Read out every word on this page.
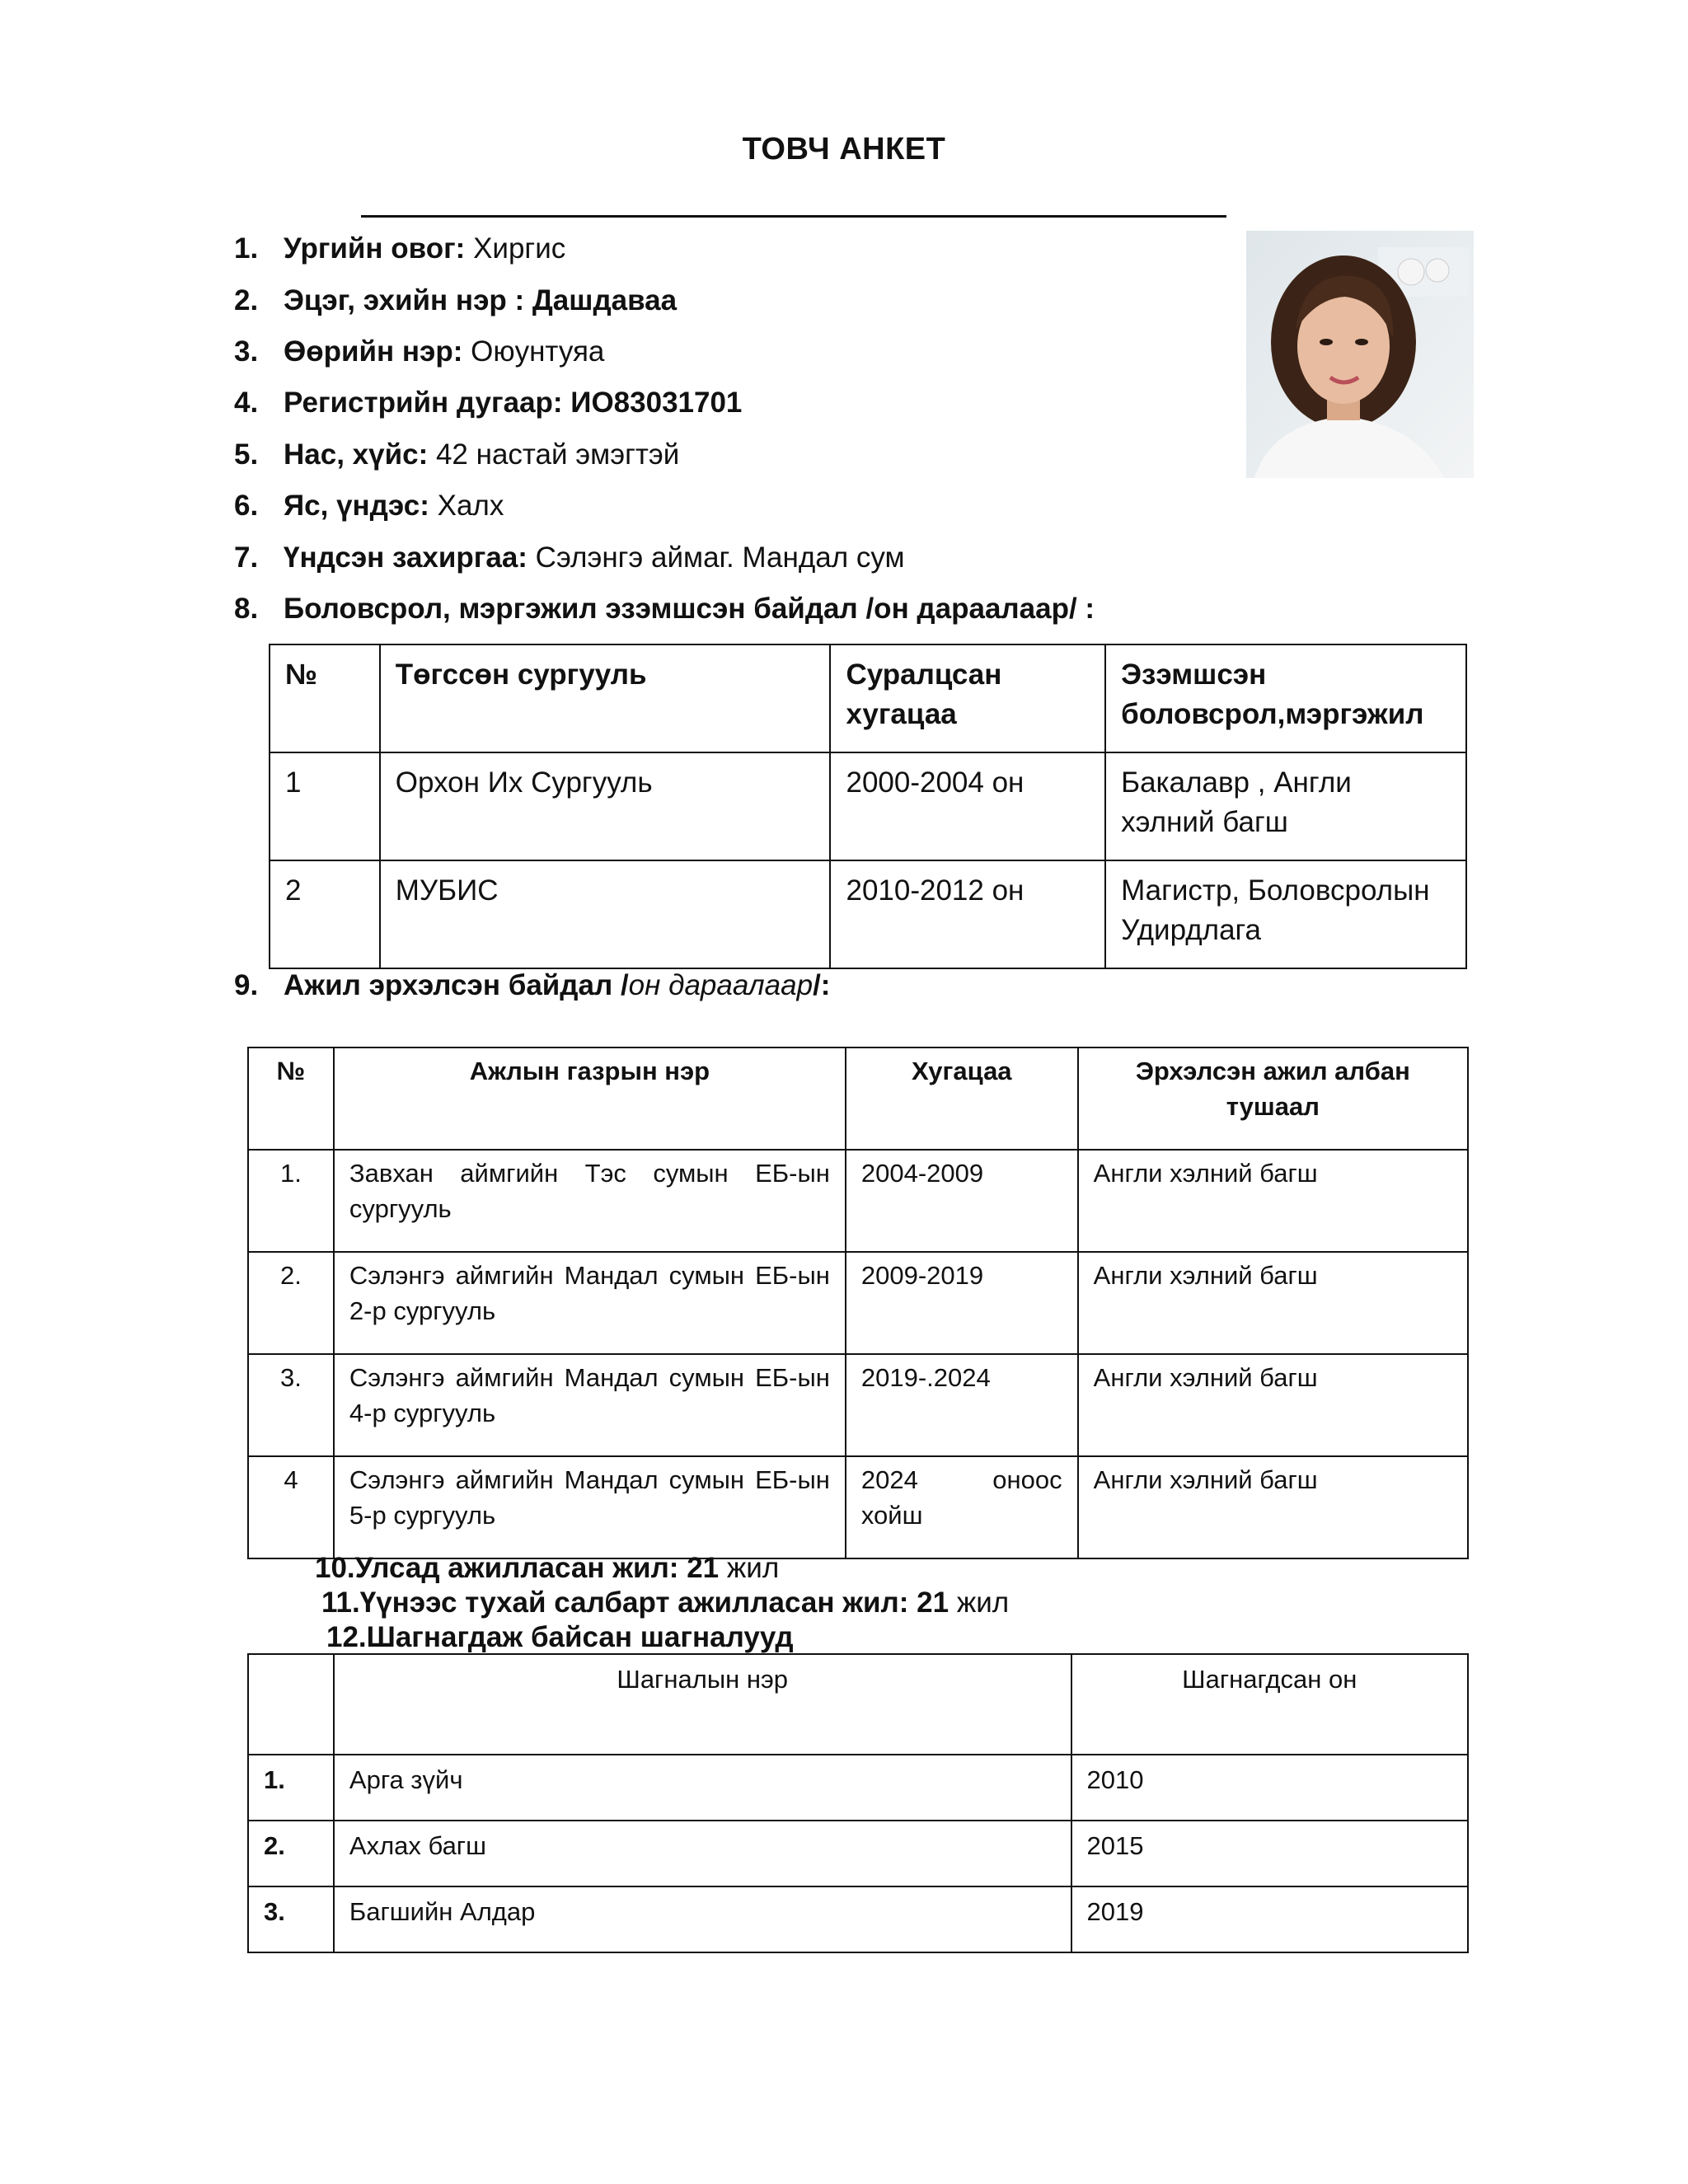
ТОВЧ АНКЕТ
1. Ургийн овог: Хиргис
2. Эцэг, эхийн нэр : Дашдаваа
3. Өөрийн нэр: Оюунтуяа
4. Регистрийн дугаар: ИО83031701
5. Нас, хүйс: 42 настай эмэгтэй
6. Яс, үндэс: Халх
7. Үндсэн захиргаа: Сэлэнгэ аймаг. Мандал сум
8. Боловсрол, мэргэжил эзэмшсэн байдал /он дараалаар/ :
№	Төгссөн сургууль	Суралцсан хугацаа	Эзэмшсэн боловсрол,мэргэжил
1	Орхон Их Сургууль	2000-2004 он	Бакалавр , Англи хэлний багш
2	МУБИС	2010-2012 он	Магистр, Боловсролын Удирдлага
9. Ажил эрхэлсэн байдал /он дараалаар/:
№	Ажлын газрын нэр	Хугацаа	Эрхэлсэн ажил албан тушаал
1.	Завхан аймгийн Тэс сумын ЕБ-ын сургууль	2004-2009	Англи хэлний багш
2.	Сэлэнгэ аймгийн Мандал сумын ЕБ-ын 2-р сургууль	2009-2019	Англи хэлний багш
3.	Сэлэнгэ аймгийн Мандал сумын ЕБ-ын 4-р сургууль	2019-.2024	Англи хэлний багш
4	Сэлэнгэ аймгийн Мандал сумын ЕБ-ын 5-р сургууль	2024 оноос хойш	Англи хэлний багш
10.Улсад ажилласан жил: 21 жил
11.Үүнээс тухай салбарт ажилласан жил: 21 жил
12.Шагнагдаж байсан шагналууд
	Шагналын нэр	Шагнагдсан он
1.	Арга зүйч	2010
2.	Ахлах багш	2015
3.	Багшийн Алдар	2019
